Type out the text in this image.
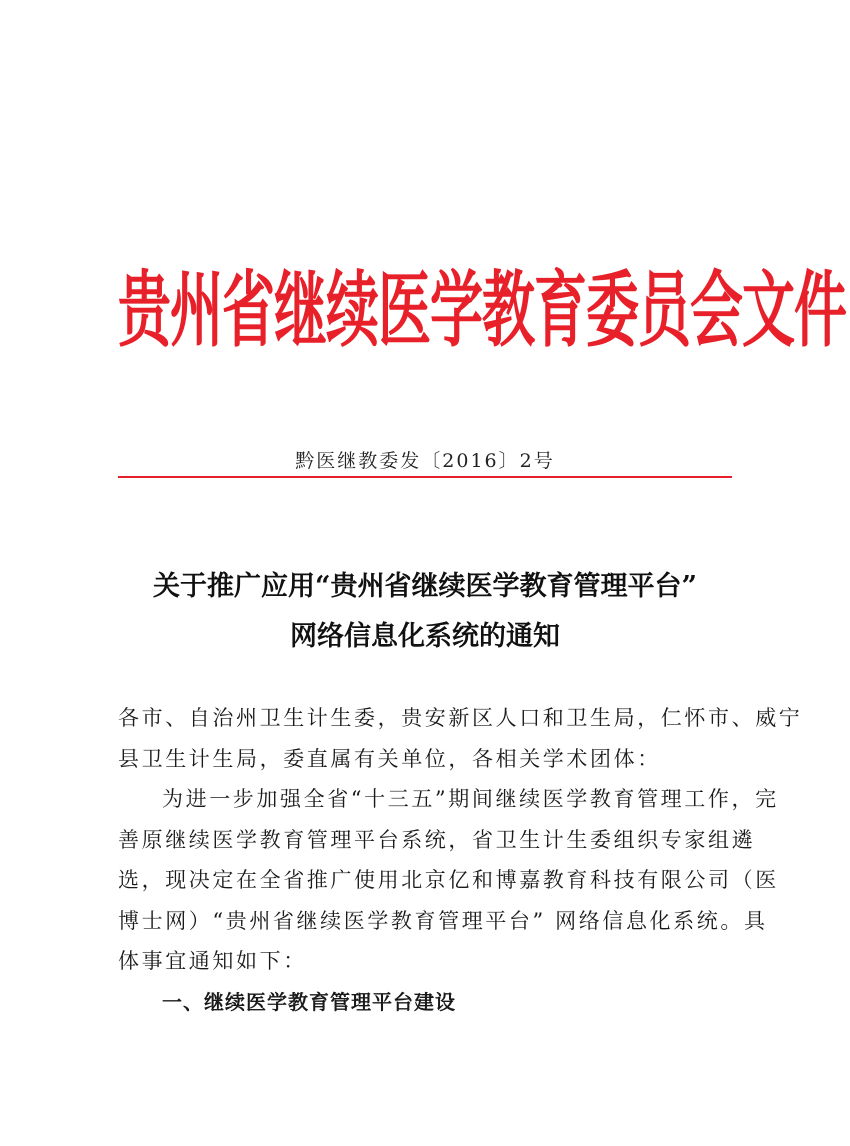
贵州省继续医学教育委员会文件
黔医继教委发〔2016〕2号
关于推广应用“贵州省继续医学教育管理平台”
网络信息化系统的通知
各市、自治州卫生计生委，贵安新区人口和卫生局，仁怀市、威宁
县卫生计生局，委直属有关单位，各相关学术团体：
为进一步加强全省“十三五”期间继续医学教育管理工作，完
善原继续医学教育管理平台系统，省卫生计生委组织专家组遴
选，现决定在全省推广使用北京亿和博嘉教育科技有限公司（医
博士网）“贵州省继续医学教育管理平台” 网络信息化系统。具
体事宜通知如下：
一、继续医学教育管理平台建设
